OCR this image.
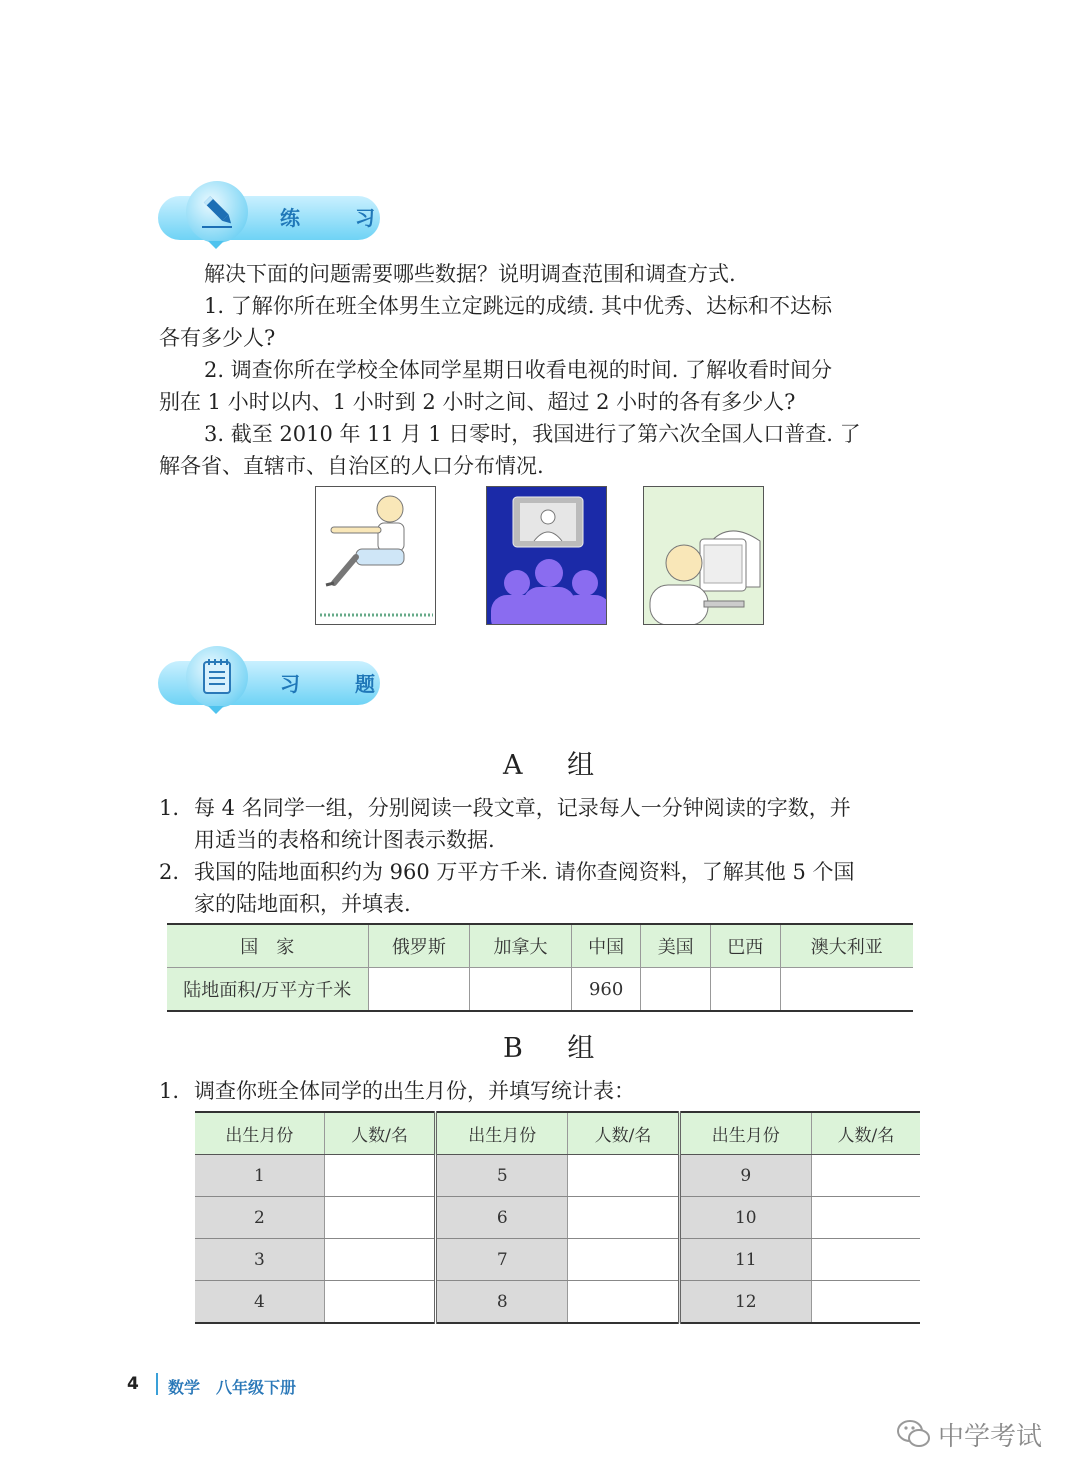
练 习
解决下面的问题需要哪些数据？说明调查范围和调查方式.
1. 了解你所在班全体男生立定跳远的成绩. 其中优秀、达标和不达标
各有多少人?
2. 调查你所在学校全体同学星期日收看电视的时间. 了解收看时间分
别在 1 小时以内、1 小时到 2 小时之间、超过 2 小时的各有多少人?
3. 截至 2010 年 11 月 1 日零时，我国进行了第六次全国人口普查. 了
解各省、直辖市、自治区的人口分布情况.
习 题
A 组
1. 每 4 名同学一组，分别阅读一段文章，记录每人一分钟阅读的字数，并
用适当的表格和统计图表示数据.
2. 我国的陆地面积约为 960 万平方千米. 请你查阅资料，了解其他 5 个国
家的陆地面积，并填表.
国　家	俄罗斯	加拿大	中国	美国	巴西	澳大利亚
陆地面积/万平方千米			960			
B 组
1. 调查你班全体同学的出生月份，并填写统计表：
出生月份	人数/名	出生月份	人数/名	出生月份	人数/名
1		5		9	
2		6		10	
3		7		11	
4		8		12	
4 数学　八年级下册
中学考试
